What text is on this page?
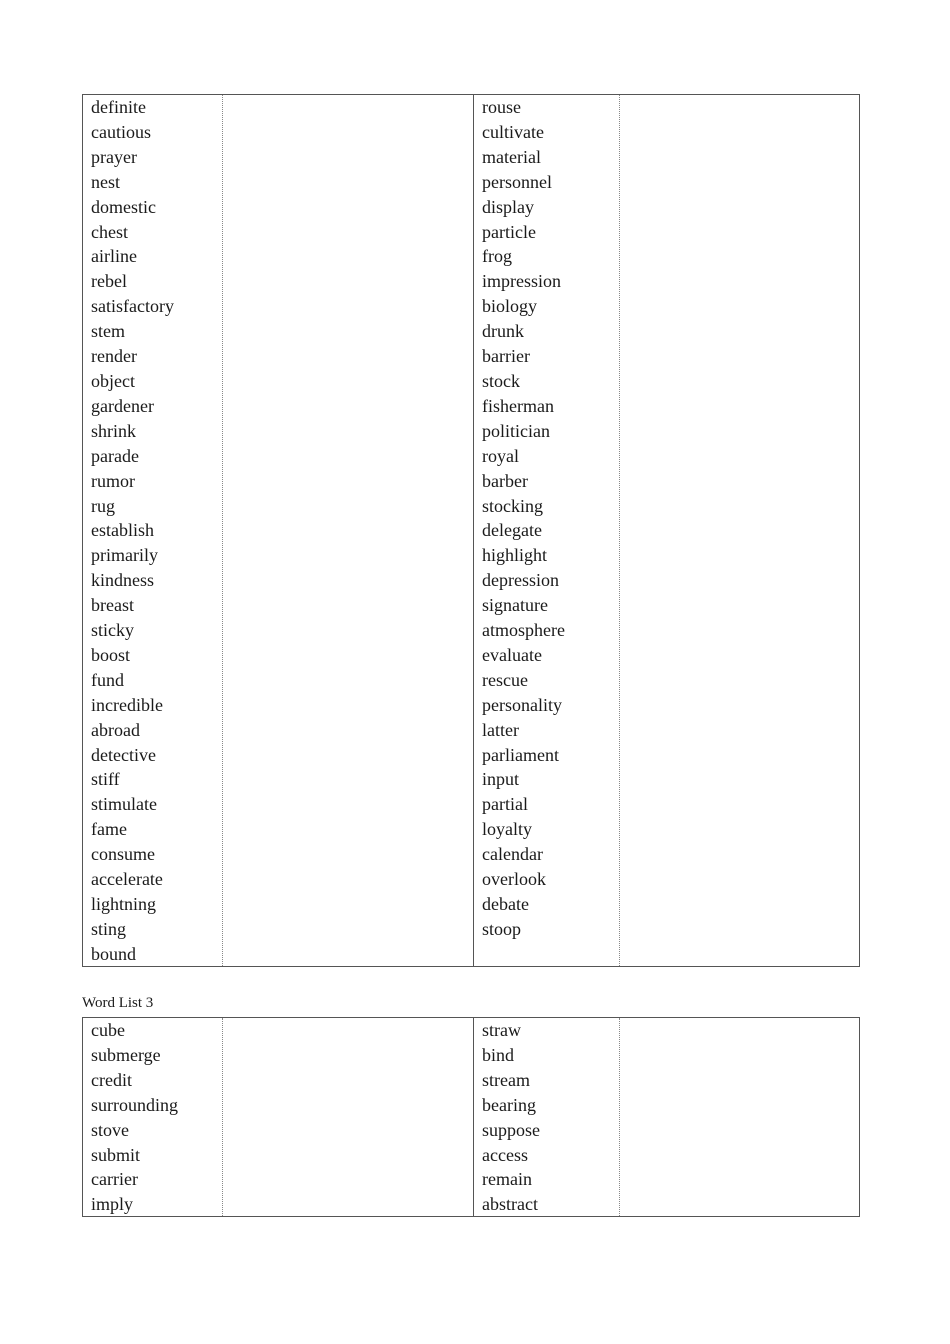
definite
cautious
prayer
nest
domestic
chest
airline
rebel
satisfactory
stem
render
object
gardener
shrink
parade
rumor
rug
establish
primarily
kindness
breast
sticky
boost
fund
incredible
abroad
detective
stiff
stimulate
fame
consume
accelerate
lightning
sting
bound
rouse
cultivate
material
personnel
display
particle
frog
impression
biology
drunk
barrier
stock
fisherman
politician
royal
barber
stocking
delegate
highlight
depression
signature
atmosphere
evaluate
rescue
personality
latter
parliament
input
partial
loyalty
calendar
overlook
debate
stoop
Word List 3
cube
submerge
credit
surrounding
stove
submit
carrier
imply
straw
bind
stream
bearing
suppose
access
remain
abstract
